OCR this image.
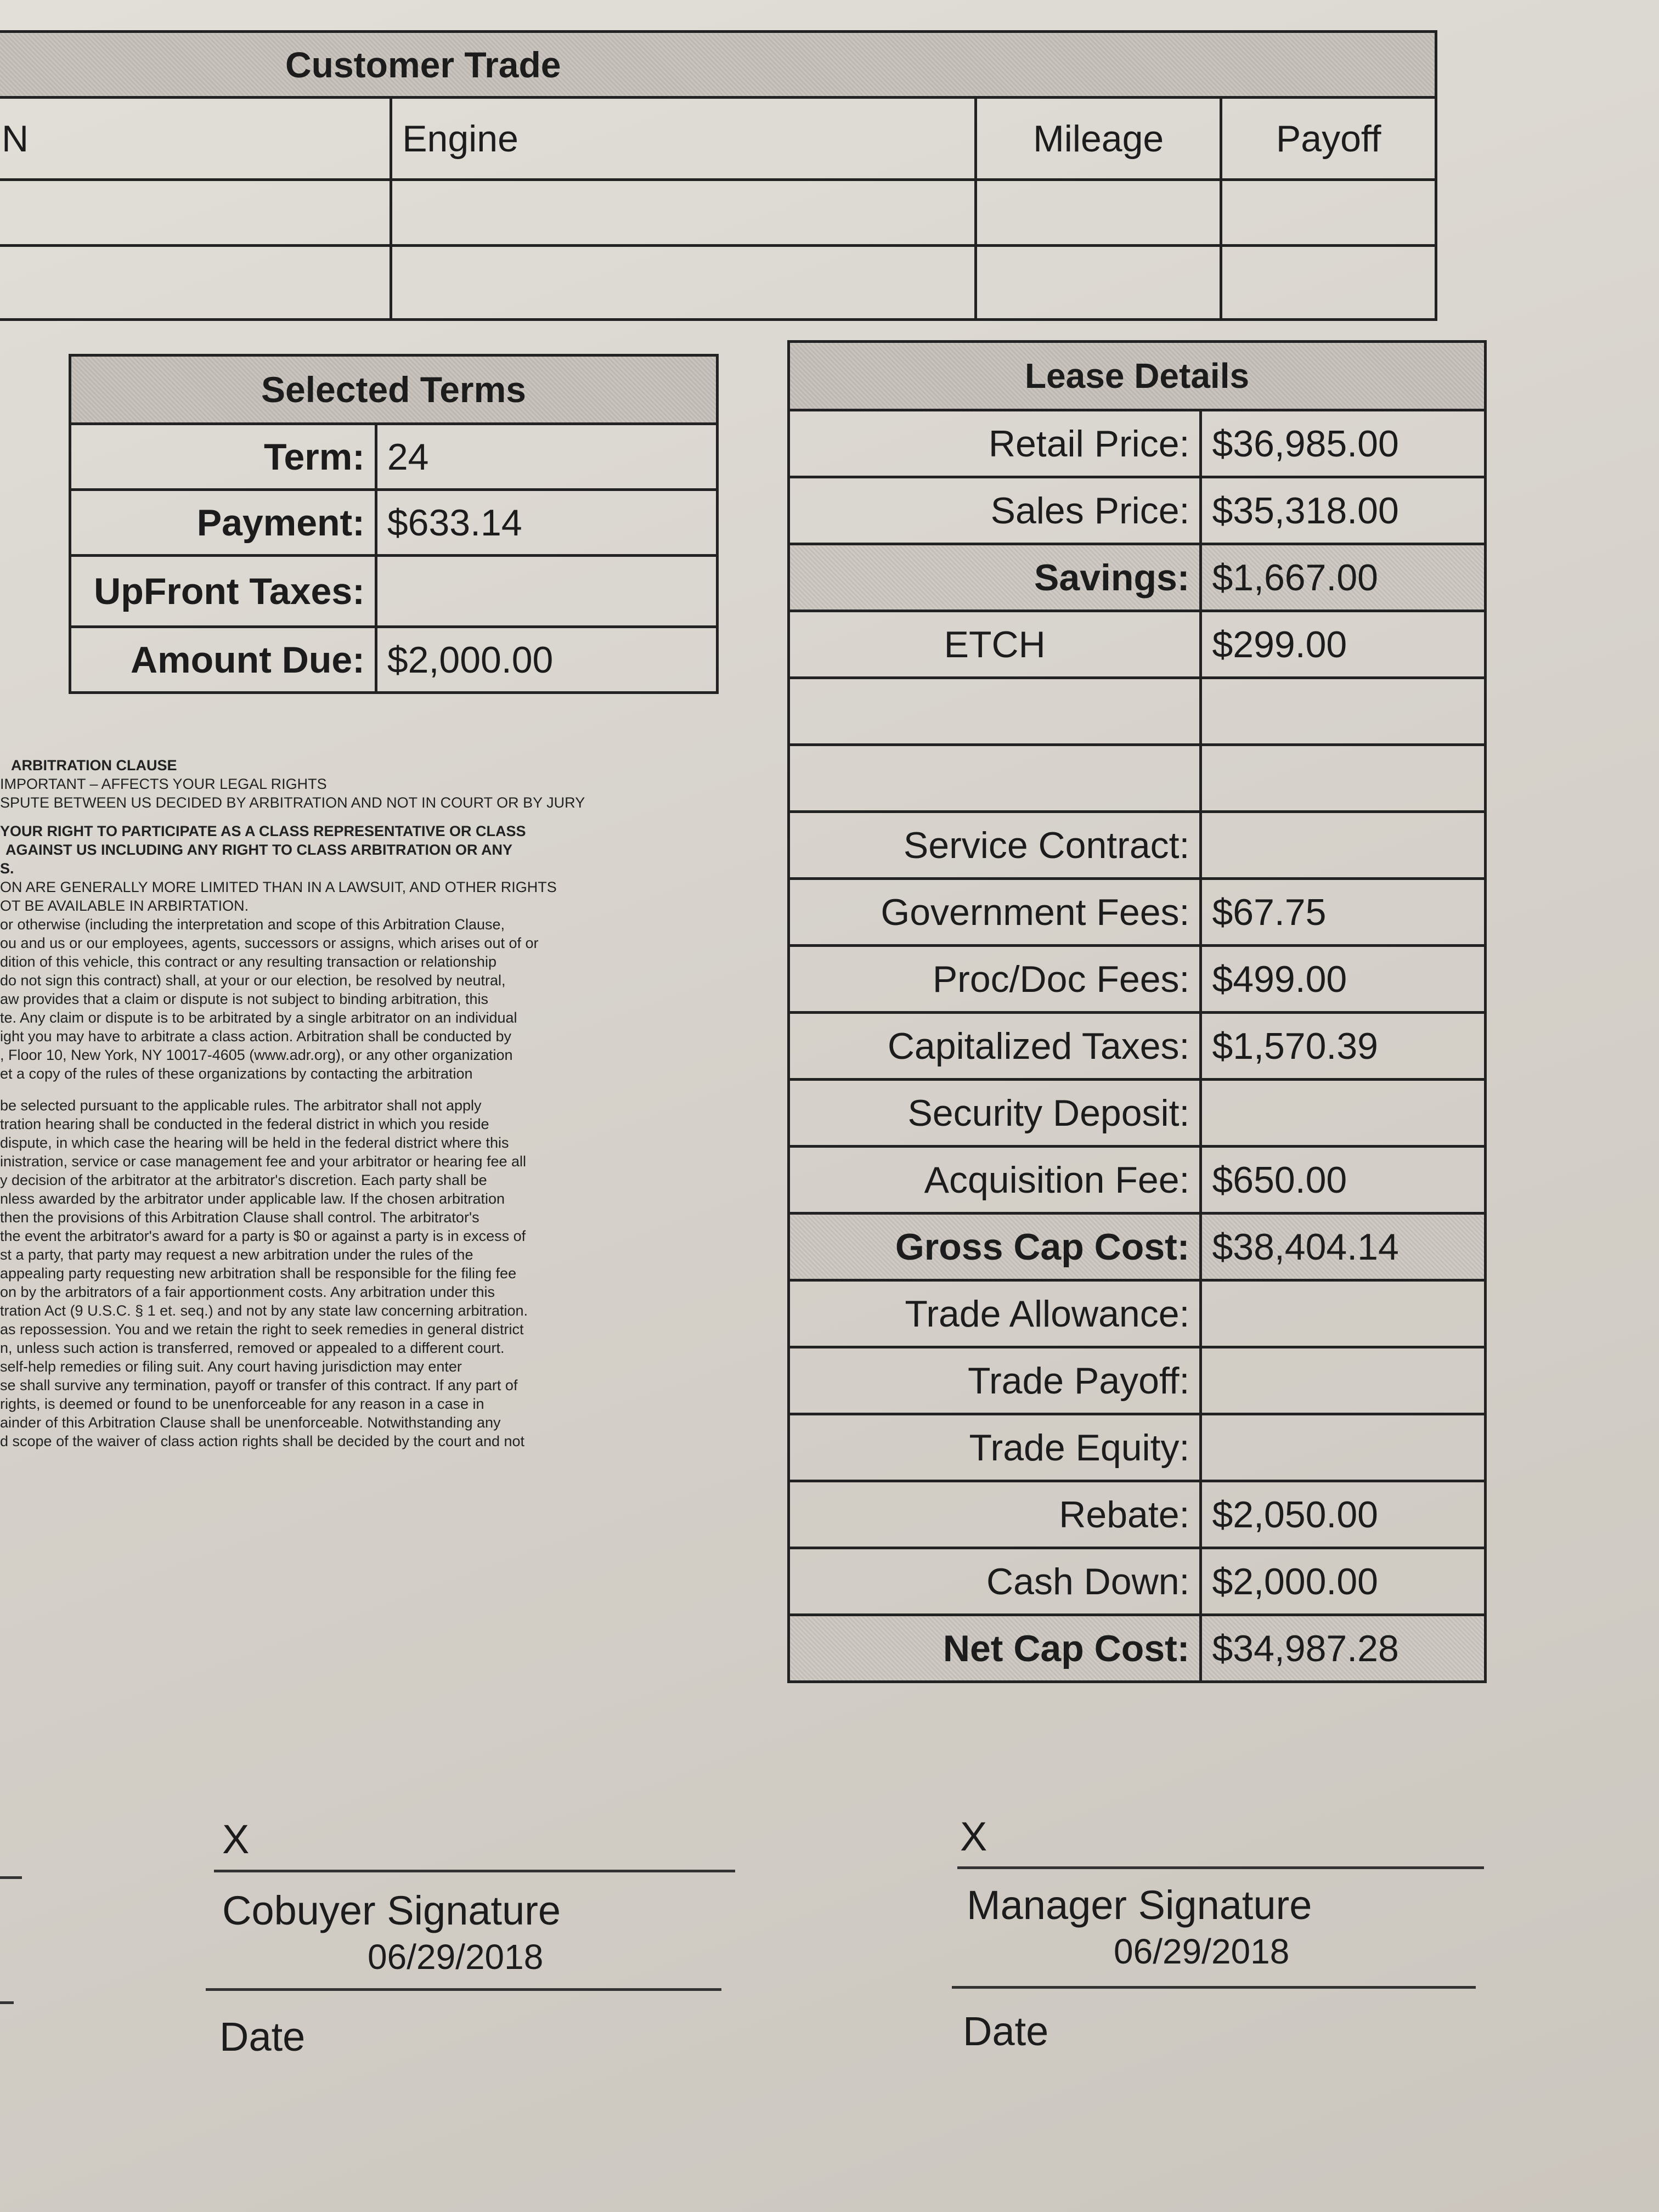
Customer Trade			
N	Engine	Mileage	Payoff

Selected Terms	
Term:	24
Payment:	$633.14
UpFront Taxes:	
Amount Due:	$2,000.00
Lease Details	
Retail Price:	$36,985.00
Sales Price:	$35,318.00
Savings:	$1,667.00
ETCH	$299.00

Service Contract:	
Government Fees:	$67.75
Proc/Doc Fees:	$499.00
Capitalized Taxes:	$1,570.39
Security Deposit:	
Acquisition Fee:	$650.00
Gross Cap Cost:	$38,404.14
Trade Allowance:	
Trade Payoff:	
Trade Equity:	
Rebate:	$2,050.00
Cash Down:	$2,000.00
Net Cap Cost:	$34,987.28

ARBITRATION CLAUSE

IMPORTANT – AFFECTS YOUR LEGAL RIGHTS

SPUTE BETWEEN US DECIDED BY ARBITRATION AND NOT IN COURT OR BY JURY

YOUR RIGHT TO PARTICIPATE AS A CLASS REPRESENTATIVE OR CLASS

AGAINST US INCLUDING ANY RIGHT TO CLASS ARBITRATION OR ANY

S.

ON ARE GENERALLY MORE LIMITED THAN IN A LAWSUIT, AND OTHER RIGHTS

OT BE AVAILABLE IN ARBIRTATION.

or otherwise (including the interpretation and scope of this Arbitration Clause,

ou and us or our employees, agents, successors or assigns, which arises out of or

dition of this vehicle, this contract or any resulting transaction or relationship

do not sign this contract) shall, at your or our election, be resolved by neutral,

aw provides that a claim or dispute is not subject to binding arbitration, this

te. Any claim or dispute is to be arbitrated by a single arbitrator on an individual

ight you may have to arbitrate a class action. Arbitration shall be conducted by

, Floor 10, New York, NY 10017-4605 (www.adr.org), or any other organization

et a copy of the rules of these organizations by contacting the arbitration

be selected pursuant to the applicable rules. The arbitrator shall not apply

tration hearing shall be conducted in the federal district in which you reside

dispute, in which case the hearing will be held in the federal district where this

inistration, service or case management fee and your arbitrator or hearing fee all

y decision of the arbitrator at the arbitrator's discretion. Each party shall be

nless awarded by the arbitrator under applicable law. If the chosen arbitration

then the provisions of this Arbitration Clause shall control. The arbitrator's

the event the arbitrator's award for a party is $0 or against a party is in excess of

st a party, that party may request a new arbitration under the rules of the

appealing party requesting new arbitration shall be responsible for the filing fee

on by the arbitrators of a fair apportionment costs. Any arbitration under this

tration Act (9 U.S.C. § 1 et. seq.) and not by any state law concerning arbitration.

as repossession. You and we retain the right to seek remedies in general district

n, unless such action is transferred, removed or appealed to a different court.

self-help remedies or filing suit. Any court having jurisdiction may enter

se shall survive any termination, payoff or transfer of this contract. If any part of

rights, is deemed or found to be unenforceable for any reason in a case in

ainder of this Arbitration Clause shall be unenforceable. Notwithstanding any

d scope of the waiver of class action rights shall be decided by the court and not

X
Cobuyer Signature
06/29/2018
Date
X
Manager Signature
06/29/2018
Date
